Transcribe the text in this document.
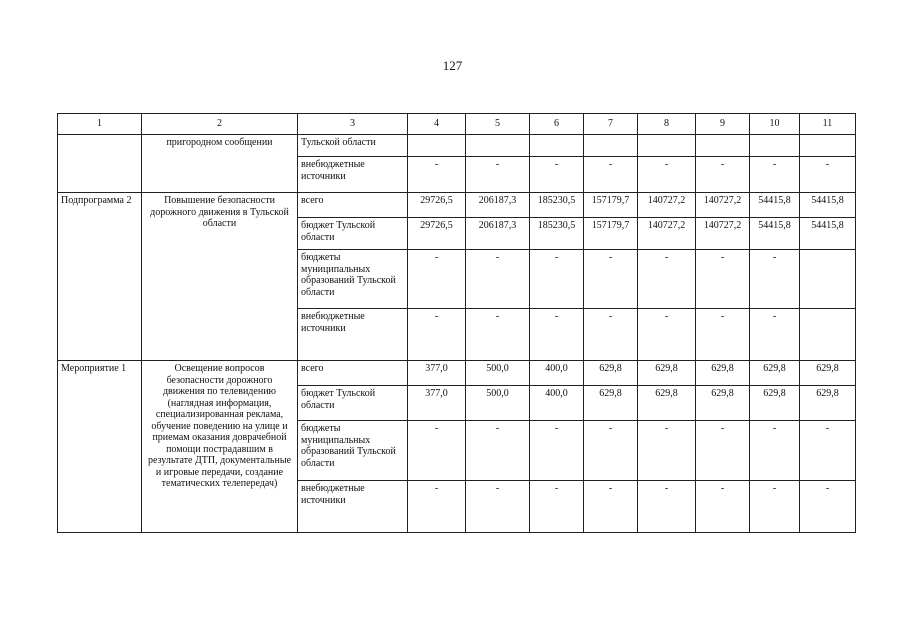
127
1	2	3	4	5	6	7	8	9	10	11
	пригородном сообщении	Тульской области								
		внебюджетные источники	-	-	-	-	-	-	-	-
Подпрограмма 2	Повышение безопасности дорожного движения в Тульской области	всего	29726,5	206187,3	185230,5	157179,7	140727,2	140727,2	54415,8	54415,8
		бюджет Тульской области	29726,5	206187,3	185230,5	157179,7	140727,2	140727,2	54415,8	54415,8
		бюджеты муниципальных образований Тульской области	-	-	-	-	-	-	-	
		внебюджетные источники	-	-	-	-	-	-	-	
Мероприятие 1	Освещение вопросов безопасности дорожного движения по телевидению (наглядная информация, специализированная реклама, обучение поведению на улице и приемам оказания доврачебной помощи пострадавшим в результате ДТП, документальные и игровые передачи, создание тематических телепередач)	всего	377,0	500,0	400,0	629,8	629,8	629,8	629,8	629,8
		бюджет Тульской области	377,0	500,0	400,0	629,8	629,8	629,8	629,8	629,8
		бюджеты муниципальных образований Тульской области	-	-	-	-	-	-	-	-
		внебюджетные источники	-	-	-	-	-	-	-	-
